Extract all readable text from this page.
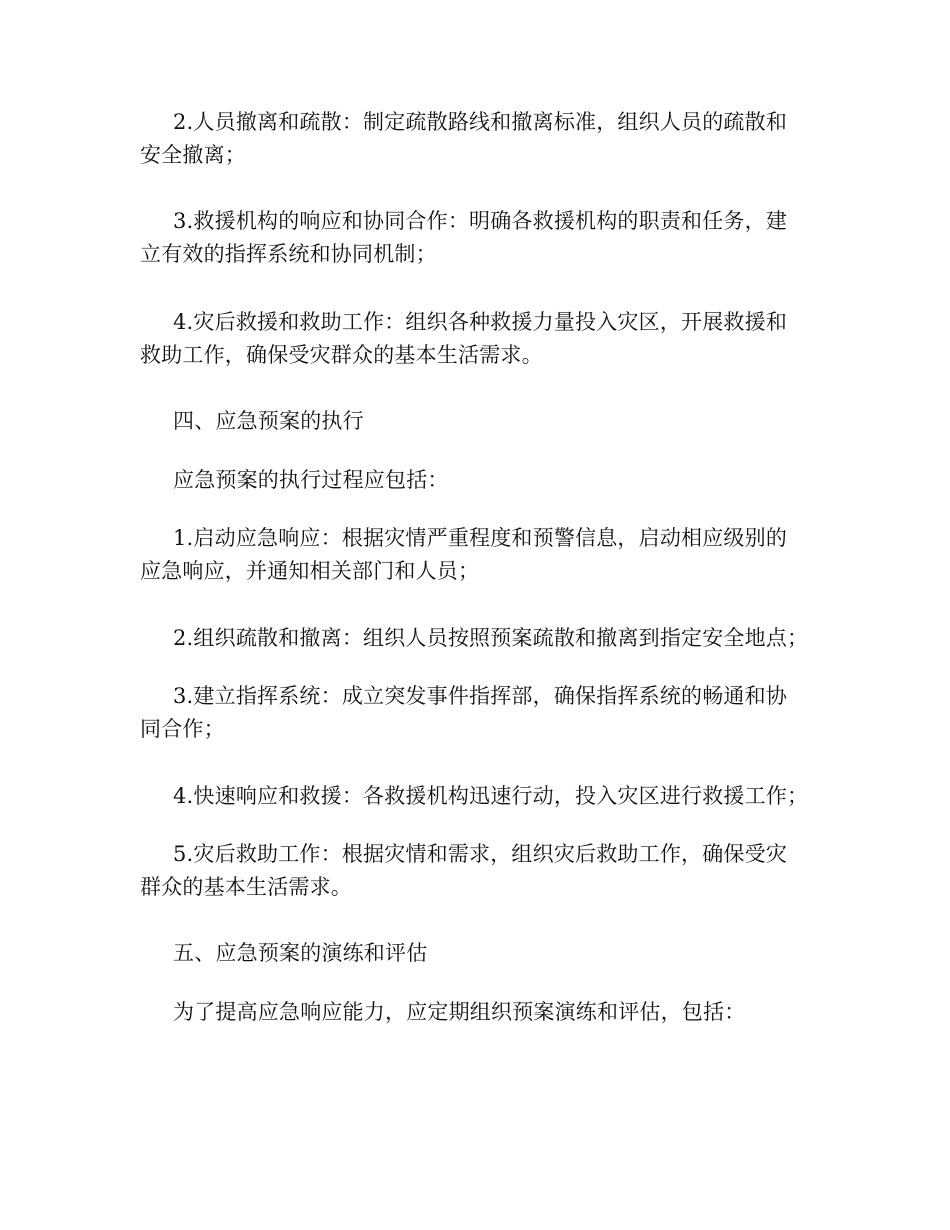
2.人员撤离和疏散：制定疏散路线和撤离标准，组织人员的疏散和
安全撤离；
3.救援机构的响应和协同合作：明确各救援机构的职责和任务，建
立有效的指挥系统和协同机制；
4.灾后救援和救助工作：组织各种救援力量投入灾区，开展救援和
救助工作，确保受灾群众的基本生活需求。
四、应急预案的执行
应急预案的执行过程应包括：
1.启动应急响应：根据灾情严重程度和预警信息，启动相应级别的
应急响应，并通知相关部门和人员；
2.组织疏散和撤离：组织人员按照预案疏散和撤离到指定安全地点；
3.建立指挥系统：成立突发事件指挥部，确保指挥系统的畅通和协
同合作；
4.快速响应和救援：各救援机构迅速行动，投入灾区进行救援工作；
5.灾后救助工作：根据灾情和需求，组织灾后救助工作，确保受灾
群众的基本生活需求。
五、应急预案的演练和评估
为了提高应急响应能力，应定期组织预案演练和评估，包括：
